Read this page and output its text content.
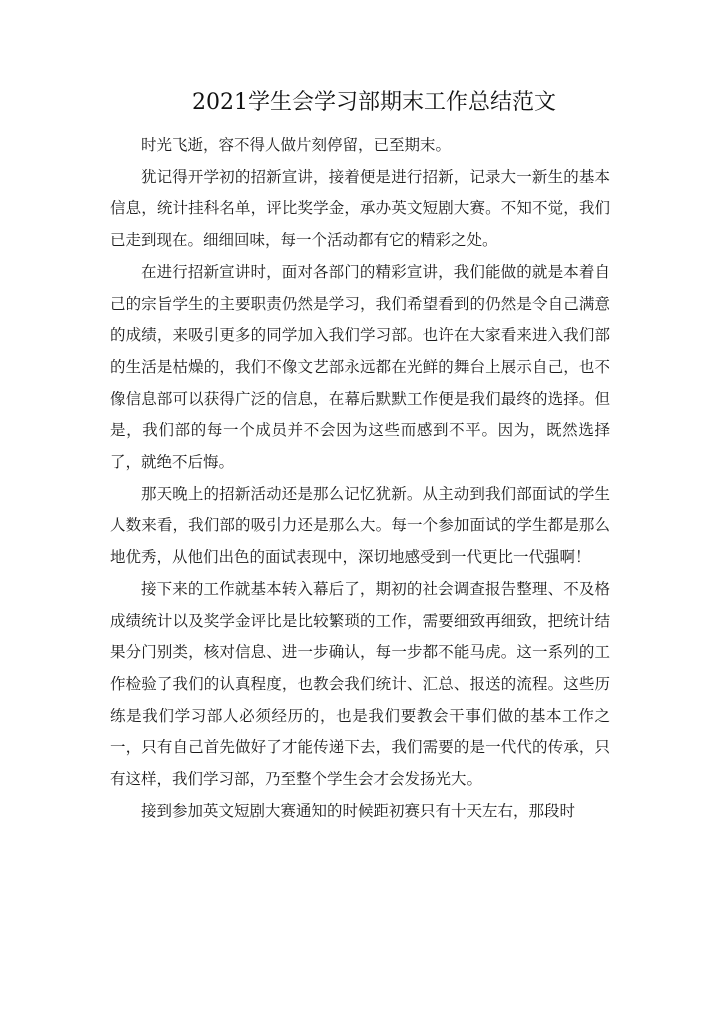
2021学生会学习部期末工作总结范文

时光飞逝，容不得人做片刻停留，已至期末。

犹记得开学初的招新宣讲，接着便是进行招新，记录大一新生的基本信息，统计挂科名单，评比奖学金，承办英文短剧大赛。不知不觉，我们已走到现在。细细回味，每一个活动都有它的精彩之处。

在进行招新宣讲时，面对各部门的精彩宣讲，我们能做的就是本着自己的宗旨学生的主要职责仍然是学习，我们希望看到的仍然是令自己满意的成绩，来吸引更多的同学加入我们学习部。也许在大家看来进入我们部的生活是枯燥的，我们不像文艺部永远都在光鲜的舞台上展示自己，也不像信息部可以获得广泛的信息，在幕后默默工作便是我们最终的选择。但是，我们部的每一个成员并不会因为这些而感到不平。因为，既然选择了，就绝不后悔。

那天晚上的招新活动还是那么记忆犹新。从主动到我们部面试的学生人数来看，我们部的吸引力还是那么大。每一个参加面试的学生都是那么地优秀，从他们出色的面试表现中，深切地感受到一代更比一代强啊！

接下来的工作就基本转入幕后了，期初的社会调查报告整理、不及格成绩统计以及奖学金评比是比较繁琐的工作，需要细致再细致，把统计结果分门别类，核对信息、进一步确认，每一步都不能马虎。这一系列的工作检验了我们的认真程度，也教会我们统计、汇总、报送的流程。这些历练是我们学习部人必须经历的，也是我们要教会干事们做的基本工作之一，只有自己首先做好了才能传递下去，我们需要的是一代代的传承，只有这样，我们学习部，乃至整个学生会才会发扬光大。

接到参加英文短剧大赛通知的时候距初赛只有十天左右，那段时
